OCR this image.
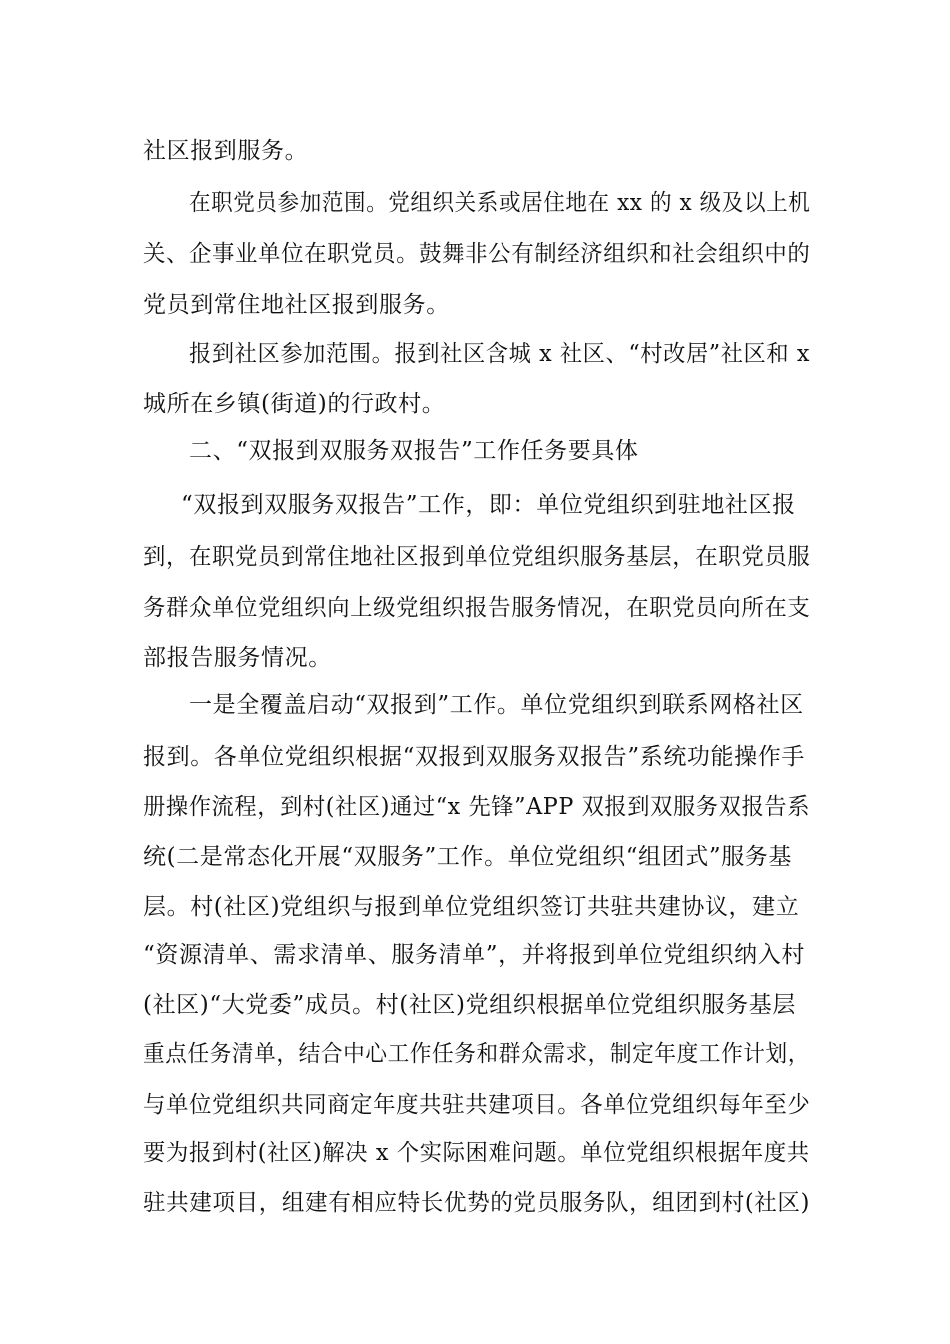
社区报到服务。
在职党员参加范围。党组织关系或居住地在 xx 的 x 级及以上机
关、企事业单位在职党员。鼓舞非公有制经济组织和社会组织中的
党员到常住地社区报到服务。
报到社区参加范围。报到社区含城 x 社区、“村改居”社区和 x
城所在乡镇(街道)的行政村。
二、“双报到双服务双报告”工作任务要具体
“双报到双服务双报告”工作，即：单位党组织到驻地社区报
到，在职党员到常住地社区报到单位党组织服务基层，在职党员服
务群众单位党组织向上级党组织报告服务情况，在职党员向所在支
部报告服务情况。
一是全覆盖启动“双报到”工作。单位党组织到联系网格社区
报到。各单位党组织根据“双报到双服务双报告”系统功能操作手
册操作流程，到村(社区)通过“x 先锋”APP 双报到双服务双报告系
统(二是常态化开展“双服务”工作。单位党组织“组团式”服务基
层。村(社区)党组织与报到单位党组织签订共驻共建协议，建立
“资源清单、需求清单、服务清单”，并将报到单位党组织纳入村
(社区)“大党委”成员。村(社区)党组织根据单位党组织服务基层
重点任务清单，结合中心工作任务和群众需求，制定年度工作计划，
与单位党组织共同商定年度共驻共建项目。各单位党组织每年至少
要为报到村(社区)解决 x 个实际困难问题。单位党组织根据年度共
驻共建项目，组建有相应特长优势的党员服务队，组团到村(社区)
